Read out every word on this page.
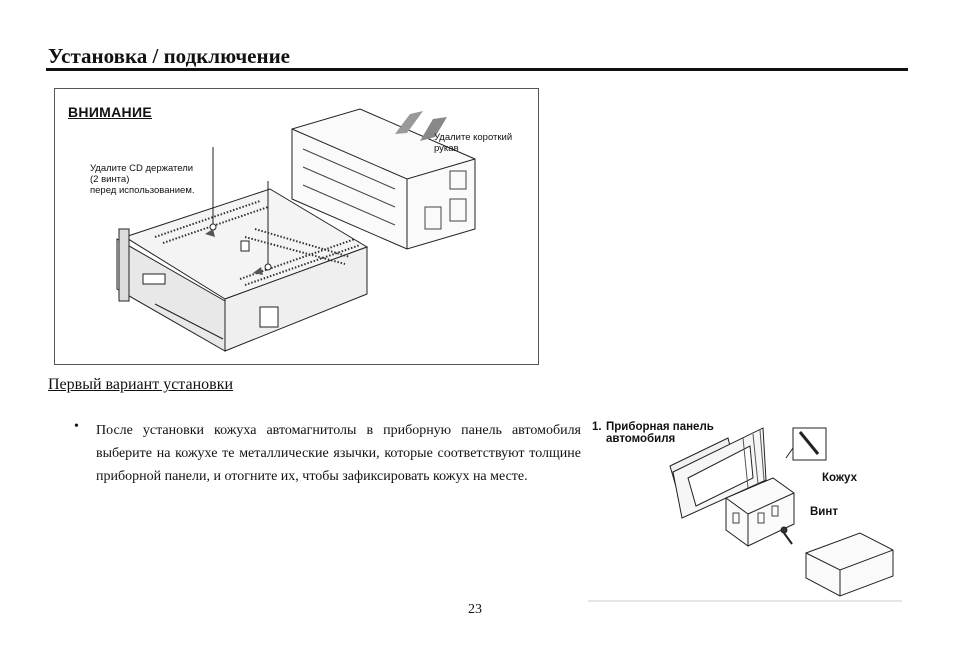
Установка / подключение
ВНИМАНИЕ
Удалите CD держатели
(2 винта)
перед использованием.
Удалите короткий
рукав
Первый вариант установки
• После установки кожуха автомагнитолы в приборную панель автомобиля выберите на кожухе те металлические язычки, которые соответствуют толщине приборной панели, и отогните их, чтобы зафиксировать кожух на месте.
1. Приборная панель
автомобиля
Кожух
Винт
23
